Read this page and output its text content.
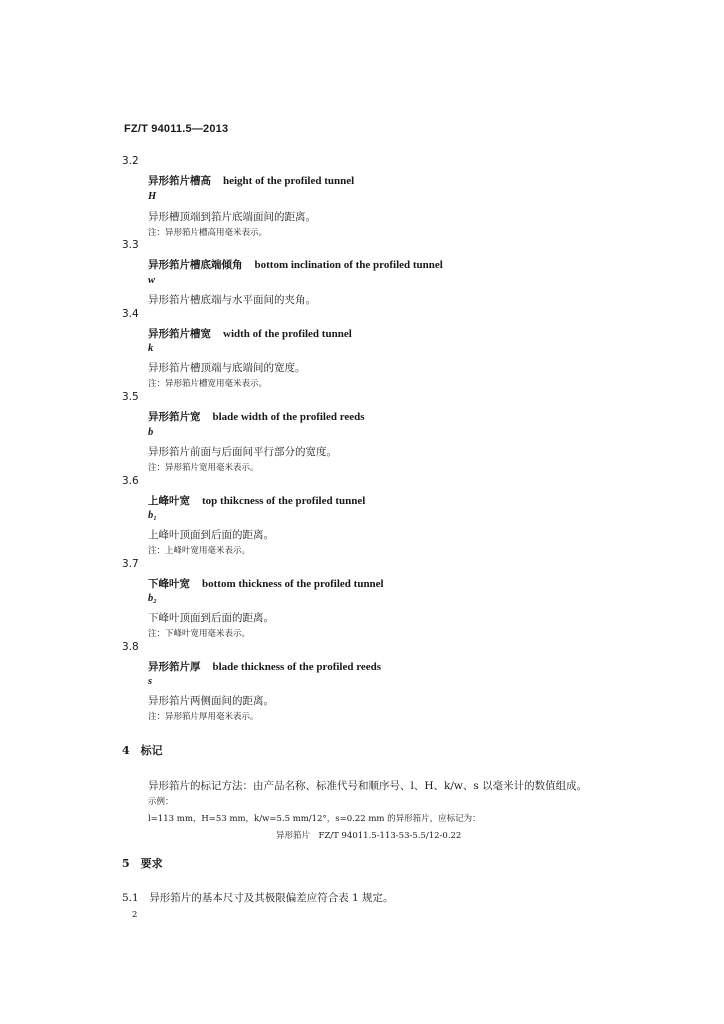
FZ/T 94011.5—2013
3.2
异形筘片槽高 height of the profiled tunnel
H
异形槽顶端到筘片底端面间的距离。
注：异形筘片槽高用毫米表示。
3.3
异形筘片槽底端倾角 bottom inclination of the profiled tunnel
w
异形筘片槽底端与水平面间的夹角。
3.4
异形筘片槽宽 width of the profiled tunnel
k
异形筘片槽顶端与底端间的宽度。
注：异形筘片槽宽用毫米表示。
3.5
异形筘片宽 blade width of the profiled reeds
b
异形筘片前面与后面间平行部分的宽度。
注：异形筘片宽用毫米表示。
3.6
上峰叶宽 top thikcness of the profiled tunnel
b₁
上峰叶顶面到后面的距离。
注：上峰叶宽用毫米表示。
3.7
下峰叶宽 bottom thickness of the profiled tunnel
b₂
下峰叶顶面到后面的距离。
注：下峰叶宽用毫米表示。
3.8
异形筘片厚 blade thickness of the profiled reeds
s
异形筘片两侧面间的距离。
注：异形筘片厚用毫米表示。
4　标记
异形筘片的标记方法：由产品名称、标准代号和顺序号、l、H、k/w、s 以毫米计的数值组成。
示例：
l=113 mm，H=53 mm，k/w=5.5 mm/12°，s=0.22 mm 的异形筘片，应标记为：
异形筘片　FZ/T 94011.5-113-53-5.5/12-0.22
5　要求
5.1　异形筘片的基本尺寸及其极限偏差应符合表 1 规定。
2
